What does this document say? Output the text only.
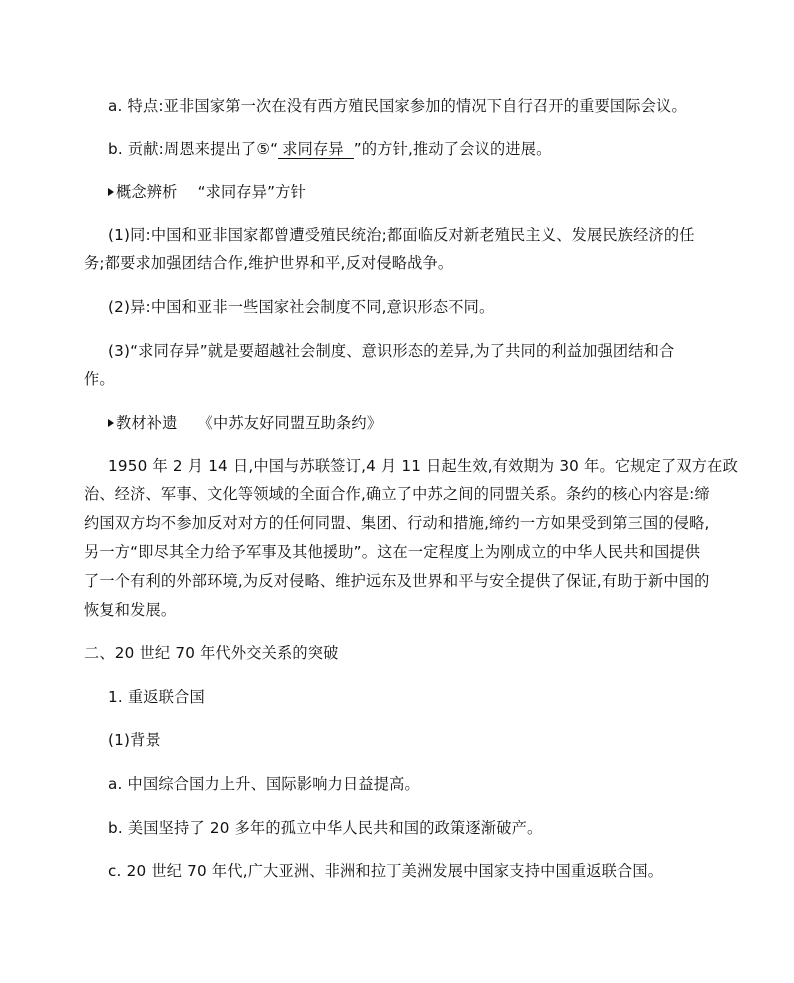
a. 特点:亚非国家第一次在没有西方殖民国家参加的情况下自行召开的重要国际会议。
b. 贡献:周恩来提出了⑤“ 求同存异 ”的方针,推动了会议的进展。
概念辨析 “求同存异”方针
(1)同:中国和亚非国家都曾遭受殖民统治;都面临反对新老殖民主义、发展民族经济的任
务;都要求加强团结合作,维护世界和平,反对侵略战争。
(2)异:中国和亚非一些国家社会制度不同,意识形态不同。
(3)“求同存异”就是要超越社会制度、意识形态的差异,为了共同的利益加强团结和合
作。
教材补遗 《中苏友好同盟互助条约》
1950 年 2 月 14 日,中国与苏联签订,4 月 11 日起生效,有效期为 30 年。它规定了双方在政
治、经济、军事、文化等领域的全面合作,确立了中苏之间的同盟关系。条约的核心内容是:缔
约国双方均不参加反对对方的任何同盟、集团、行动和措施,缔约一方如果受到第三国的侵略,
另一方“即尽其全力给予军事及其他援助”。这在一定程度上为刚成立的中华人民共和国提供
了一个有利的外部环境,为反对侵略、维护远东及世界和平与安全提供了保证,有助于新中国的
恢复和发展。
二、20 世纪 70 年代外交关系的突破
1. 重返联合国
(1)背景
a. 中国综合国力上升、国际影响力日益提高。
b. 美国坚持了 20 多年的孤立中华人民共和国的政策逐渐破产。
c. 20 世纪 70 年代,广大亚洲、非洲和拉丁美洲发展中国家支持中国重返联合国。
